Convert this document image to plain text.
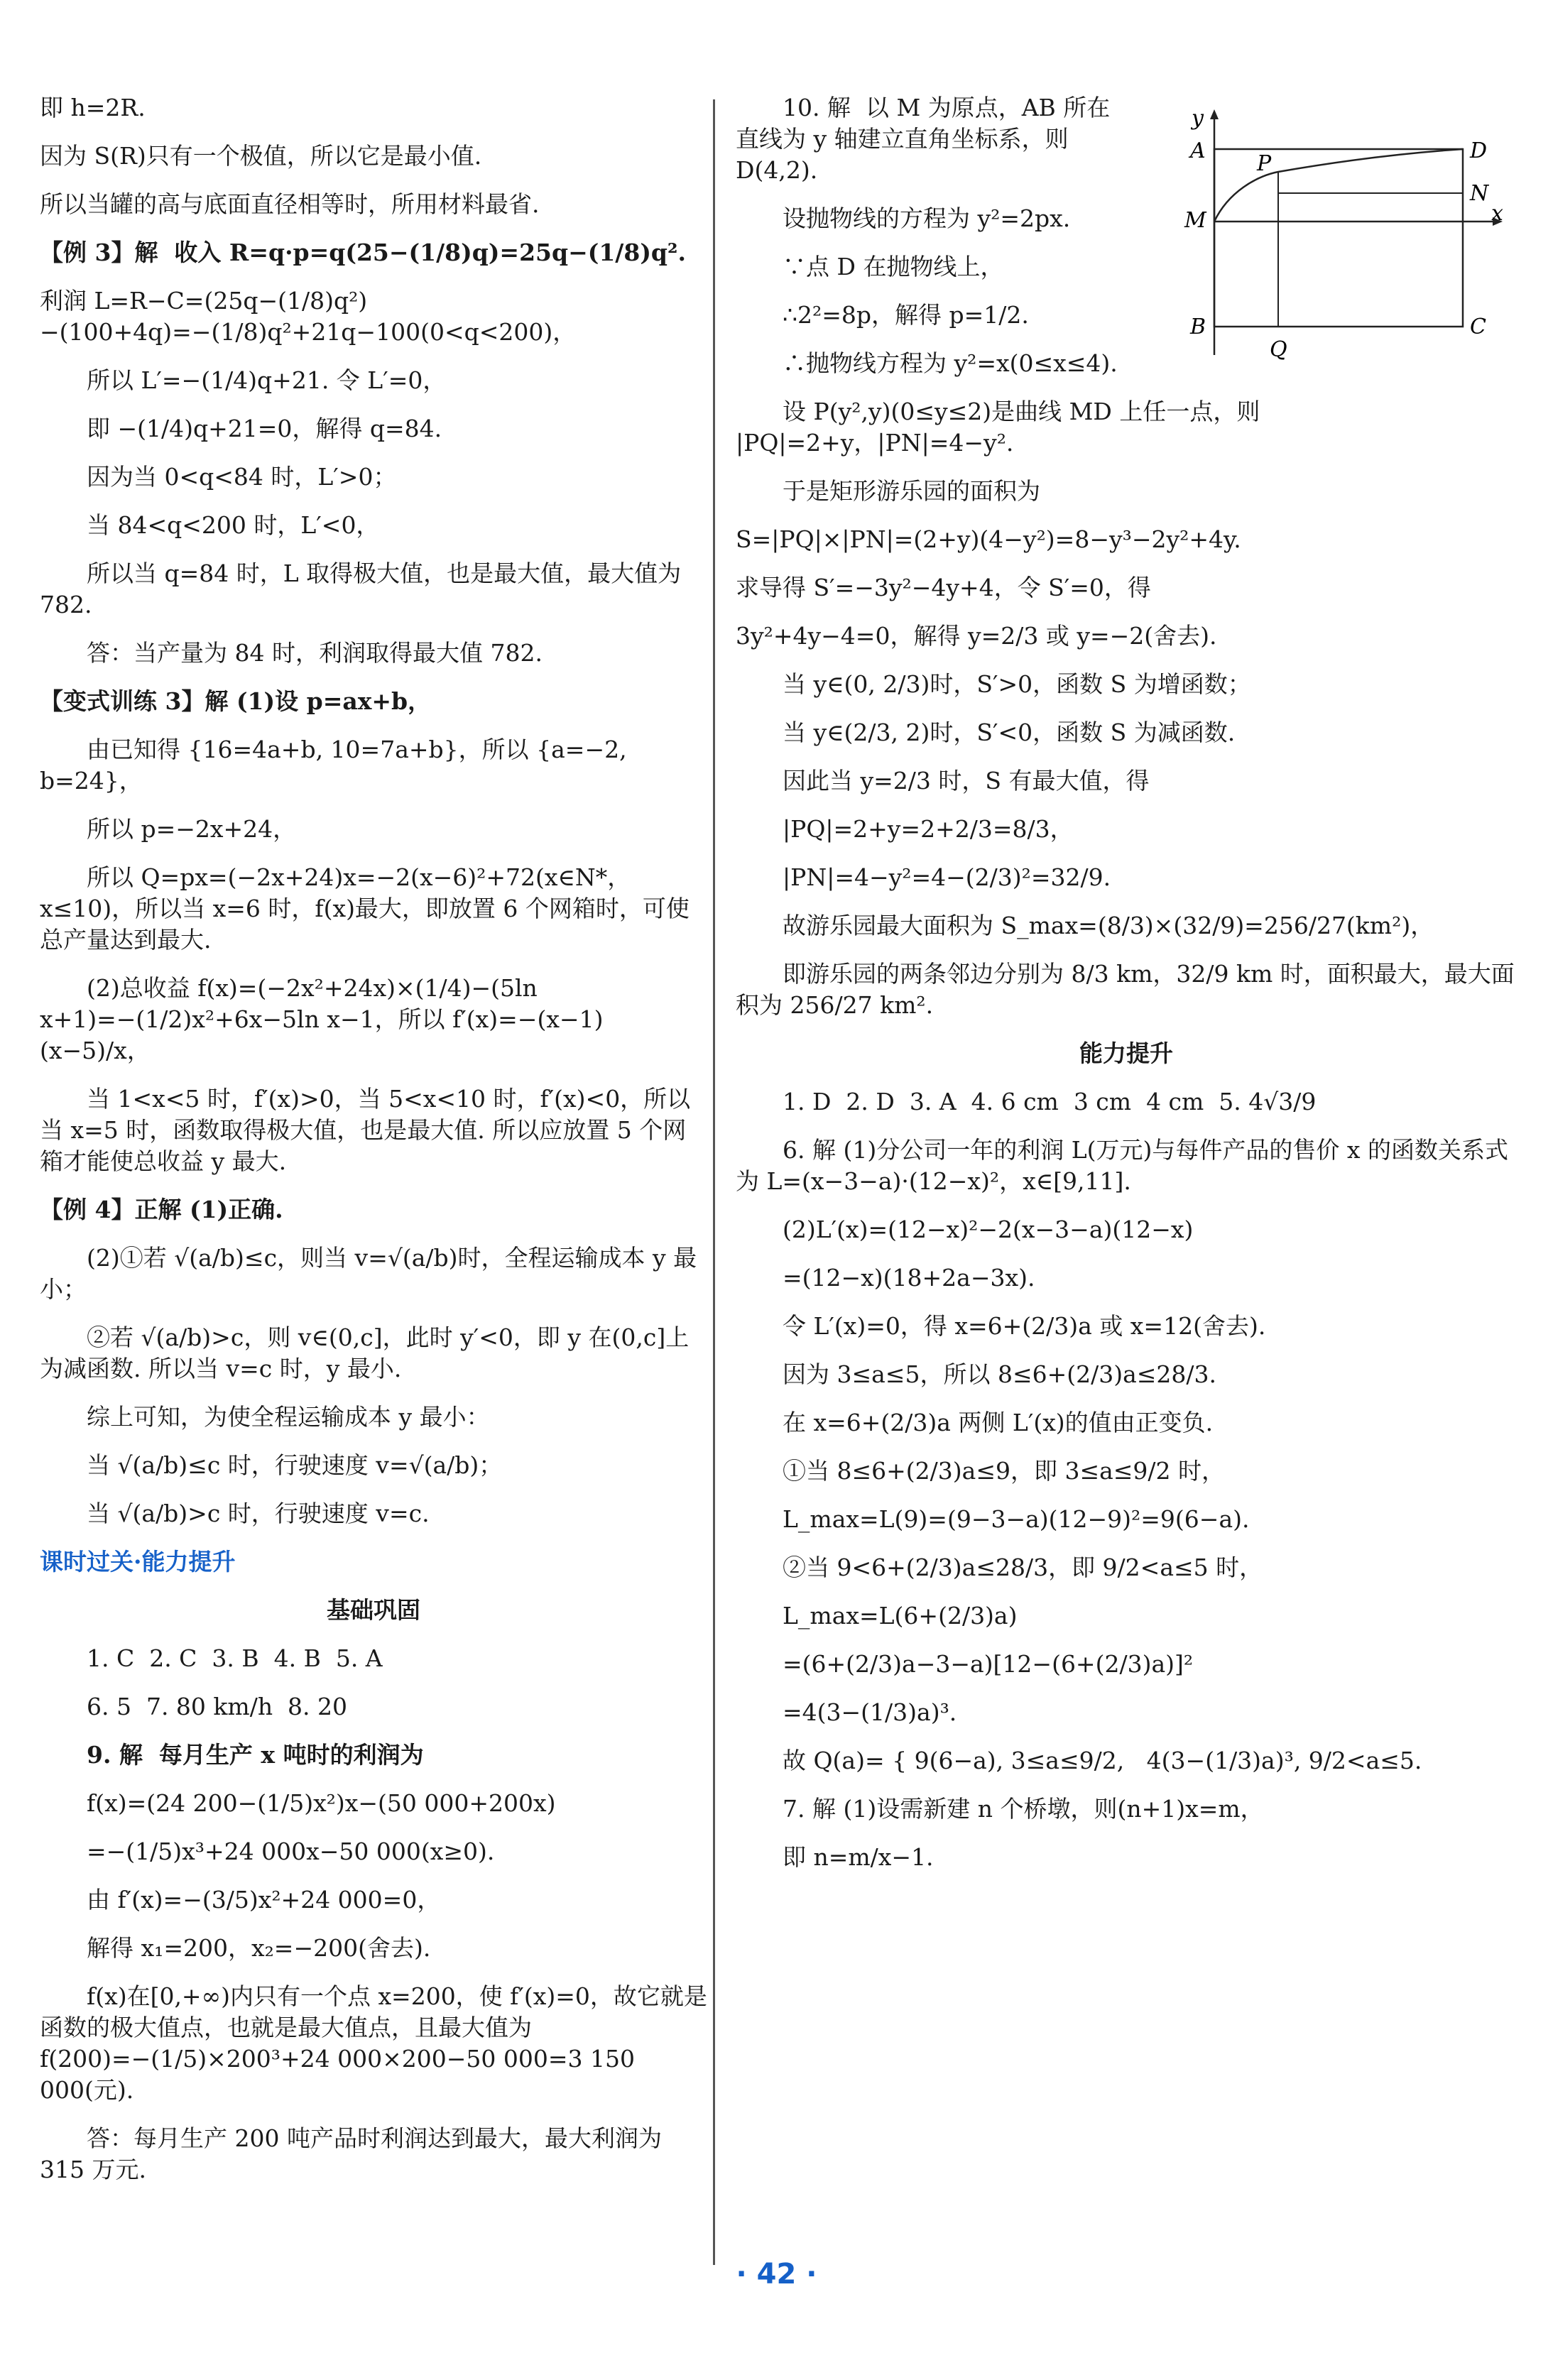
即 h=2R.
因为 S(R)只有一个极值，所以它是最小值.
所以当罐的高与底面直径相等时，所用材料最省.
【例 3】解  收入 R=q·p=q(25−(1/8)q)=25q−(1/8)q².
利润 L=R−C=(25q−(1/8)q²)−(100+4q)=−(1/8)q²+21q−100(0<q<200)，
所以 L′=−(1/4)q+21. 令 L′=0，
即 −(1/4)q+21=0，解得 q=84.
因为当 0<q<84 时，L′>0；
当 84<q<200 时，L′<0，
所以当 q=84 时，L 取得极大值，也是最大值，最大值为 782.
答：当产量为 84 时，利润取得最大值 782.
【变式训练 3】解 (1)设 p=ax+b，
由已知得 {16=4a+b, 10=7a+b}，所以 {a=−2, b=24}，
所以 p=−2x+24，
所以 Q=px=(−2x+24)x=−2(x−6)²+72(x∈N*，x≤10)，所以当 x=6 时，f(x)最大，即放置 6 个网箱时，可使总产量达到最大.
(2)总收益 f(x)=(−2x²+24x)×(1/4)−(5ln x+1)=−(1/2)x²+6x−5ln x−1，所以 f′(x)=−(x−1)(x−5)/x，
当 1<x<5 时，f′(x)>0，当 5<x<10 时，f′(x)<0，所以当 x=5 时，函数取得极大值，也是最大值. 所以应放置 5 个网箱才能使总收益 y 最大.
【例 4】正解 (1)正确.
(2)①若 √(a/b)≤c，则当 v=√(a/b)时，全程运输成本 y 最小；
②若 √(a/b)>c，则 v∈(0,c]，此时 y′<0，即 y 在(0,c]上为减函数. 所以当 v=c 时，y 最小.
综上可知，为使全程运输成本 y 最小：
当 √(a/b)≤c 时，行驶速度 v=√(a/b)；
当 √(a/b)>c 时，行驶速度 v=c.
课时过关·能力提升
基础巩固
1. C  2. C  3. B  4. B  5. A
6. 5  7. 80 km/h  8. 20
9. 解  每月生产 x 吨时的利润为
f(x)=(24 200−(1/5)x²)x−(50 000+200x)
=−(1/5)x³+24 000x−50 000(x≥0).
由 f′(x)=−(3/5)x²+24 000=0，
解得 x₁=200，x₂=−200(舍去).
f(x)在[0,+∞)内只有一个点 x=200，使 f′(x)=0，故它就是函数的极大值点，也就是最大值点，且最大值为 f(200)=−(1/5)×200³+24 000×200−50 000=3 150 000(元).
答：每月生产 200 吨产品时利润达到最大，最大利润为 315 万元.
10. 解  以 M 为原点，AB 所在直线为 y 轴建立直角坐标系，则 D(4,2).
设抛物线的方程为 y²=2px.
∵点 D 在抛物线上，
∴2²=8p，解得 p=1/2.
∴抛物线方程为 y²=x(0≤x≤4).
设 P(y²,y)(0≤y≤2)是曲线 MD 上任一点，则 |PQ|=2+y，|PN|=4−y².
于是矩形游乐园的面积为
S=|PQ|×|PN|=(2+y)(4−y²)=8−y³−2y²+4y.
求导得 S′=−3y²−4y+4，令 S′=0，得
3y²+4y−4=0，解得 y=2/3 或 y=−2(舍去).
当 y∈(0, 2/3)时，S′>0，函数 S 为增函数；
当 y∈(2/3, 2)时，S′<0，函数 S 为减函数.
因此当 y=2/3 时，S 有最大值，得
|PQ|=2+y=2+2/3=8/3，
|PN|=4−y²=4−(2/3)²=32/9.
故游乐园最大面积为 S_max=(8/3)×(32/9)=256/27(km²)，
即游乐园的两条邻边分别为 8/3 km，32/9 km 时，面积最大，最大面积为 256/27 km².
能力提升
1. D  2. D  3. A  4. 6 cm  3 cm  4 cm  5. 4√3/9
6. 解 (1)分公司一年的利润 L(万元)与每件产品的售价 x 的函数关系式为 L=(x−3−a)·(12−x)²，x∈[9,11].
(2)L′(x)=(12−x)²−2(x−3−a)(12−x)
=(12−x)(18+2a−3x).
令 L′(x)=0，得 x=6+(2/3)a 或 x=12(舍去).
因为 3≤a≤5，所以 8≤6+(2/3)a≤28/3.
在 x=6+(2/3)a 两侧 L′(x)的值由正变负.
①当 8≤6+(2/3)a≤9，即 3≤a≤9/2 时，
L_max=L(9)=(9−3−a)(12−9)²=9(6−a).
②当 9<6+(2/3)a≤28/3，即 9/2<a≤5 时，
L_max=L(6+(2/3)a)
=(6+(2/3)a−3−a)[12−(6+(2/3)a)]²
=4(3−(1/3)a)³.
故 Q(a)= { 9(6−a), 3≤a≤9/2,   4(3−(1/3)a)³, 9/2<a≤5.
7. 解 (1)设需新建 n 个桥墩，则(n+1)x=m，
即 n=m/x−1.
y
x
A	D
P
N
M
B
Q
C
· 42 ·
